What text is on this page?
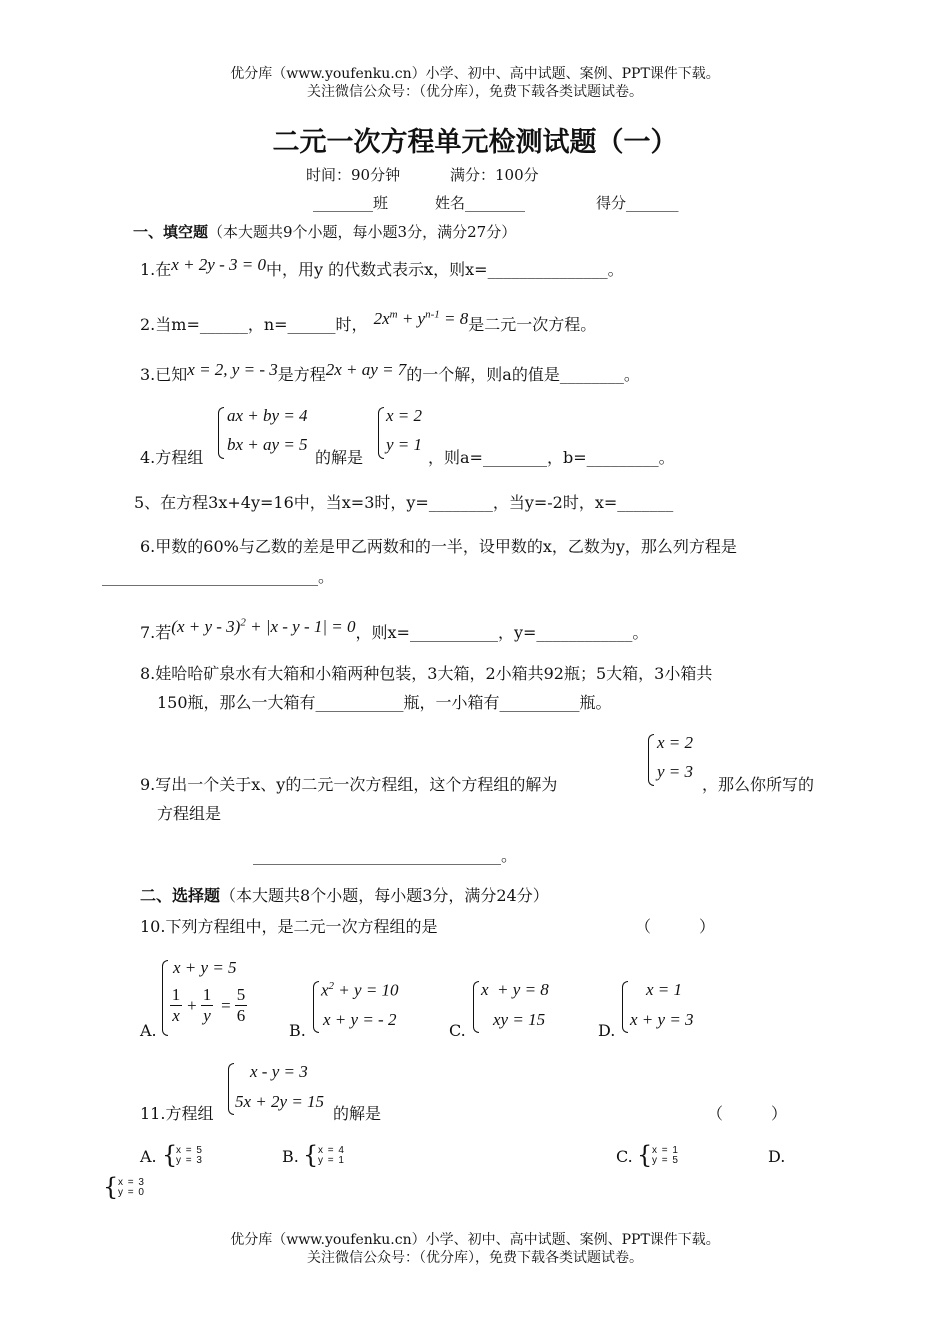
优分库（www.youfenku.cn）小学、初中、高中试题、案例、PPT课件下载。
关注微信公众号：（优分库），免费下载各类试题试卷。
二元一次方程单元检测试题（一）
时间：90分钟	满分：100分
________班	姓名________	得分_______
一、填空题（本大题共9个小题，每小题3分，满分27分）
1.在x + 2y - 3 = 0中，用y 的代数式表示x，则x=_______________。
2.当m=______，n=______时， $2x^m + y^{n-1} = 8$是二元一次方程。
3.已知x = 2, y = - 3是方程2x + ay = 7的一个解，则a的值是________。
4.方程组
ax + by = 4
bx + ay = 5
的解是
x = 2
y = 1
，则a=________，b=_________。
5、在方程3x+4y=16中，当x=3时，y=________，当y=-2时，x=_______
6.甲数的60%与乙数的差是甲乙两数和的一半，设甲数的x，乙数为y，那么列方程是
___________________________。
7.若$(x + y - 3)^2 + |x - y - 1| = 0$，则x=___________，y=____________。
8.娃哈哈矿泉水有大箱和小箱两种包装，3大箱，2小箱共92瓶；5大箱，3小箱共
150瓶，那么一大箱有___________瓶，一小箱有__________瓶。
9.写出一个关于x、y的二元一次方程组，这个方程组的解为
x = 2
y = 3
，那么你所写的
方程组是
_______________________________。
二、选择题（本大题共8个小题，每小题3分，满分24分）
10.下列方程组中，是二元一次方程组的是	（　　　）
A.
x + y = 5
$\frac{1}{x} + \frac{1}{y} = \frac{5}{6}$
B.
$x^2 + y = 10$
x + y = - 2
C.
x  + y = 8
xy = 15
D.
x = 1
x + y = 3
11.方程组
x - y = 3
5x + 2y = 15
的解是	（　　　）
A. {
x = 5
y = 3	B. { x = 4
y = 1	C. { x = 1
y = 5	D.
{ x = 3
y = 0
优分库（www.youfenku.cn）小学、初中、高中试题、案例、PPT课件下载。
关注微信公众号：（优分库），免费下载各类试题试卷。
